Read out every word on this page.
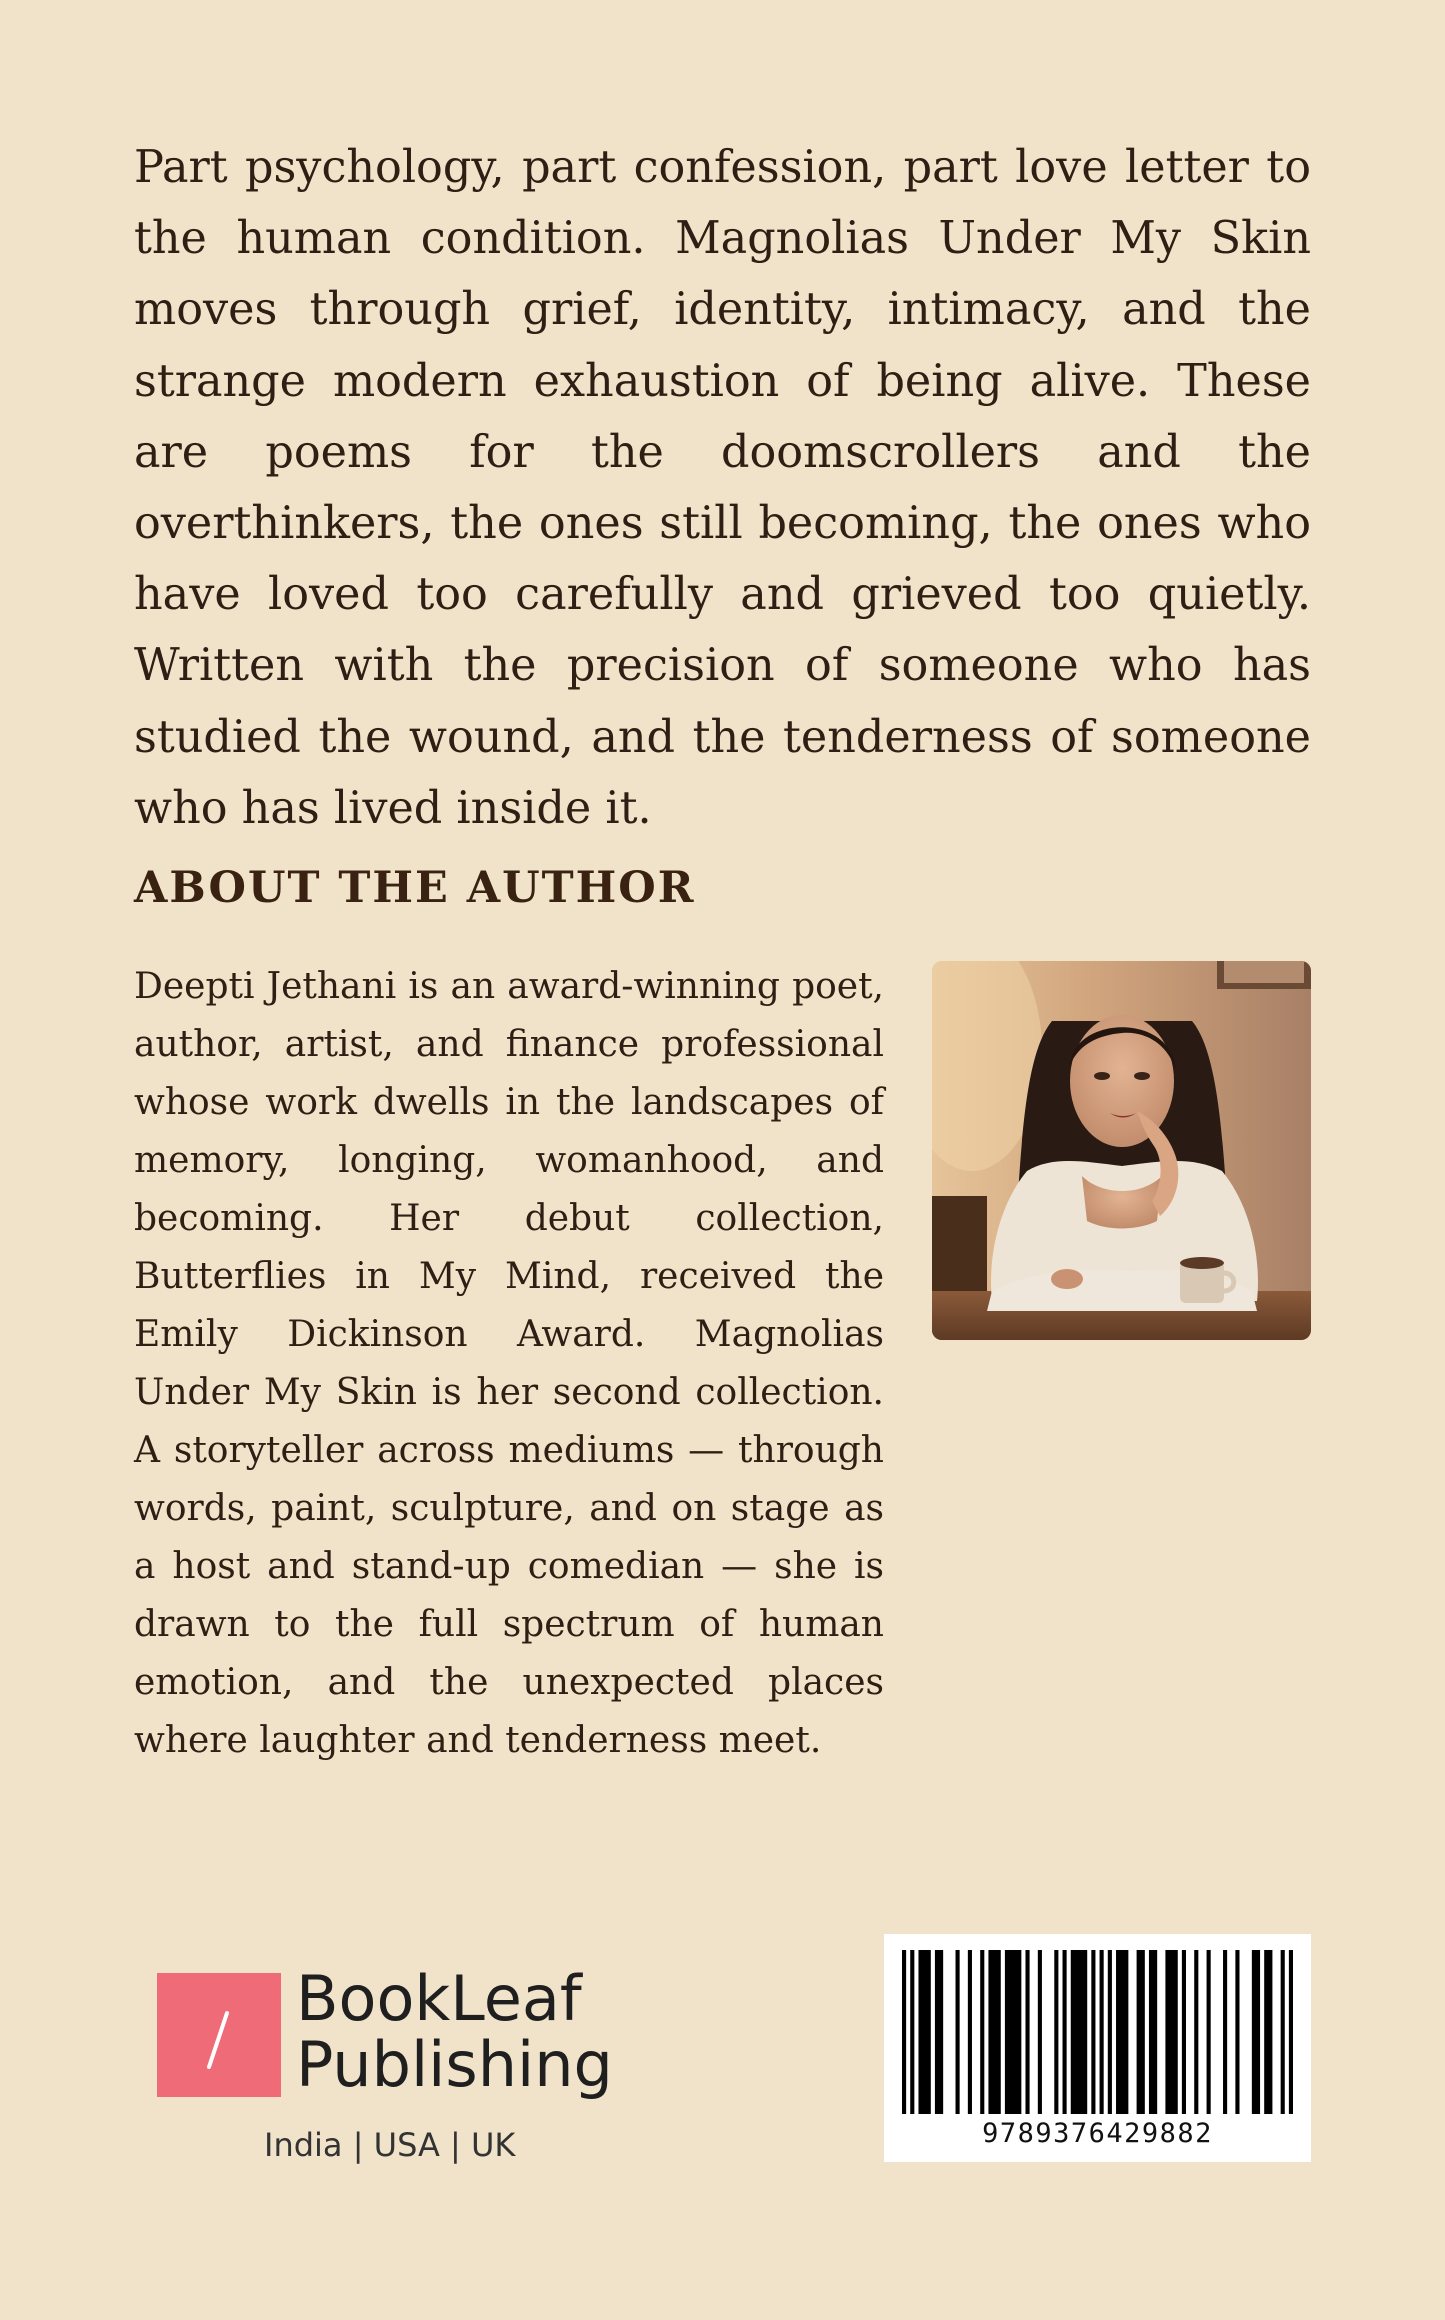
Part psychology, part confession, part love letter to the human condition. Magnolias Under My Skin moves through grief, identity, intimacy, and the strange modern exhaustion of being alive. These are poems for the doomscrollers and the overthinkers, the ones still becoming, the ones who have loved too carefully and grieved too quietly. Written with the precision of someone who has studied the wound, and the tenderness of someone who has lived inside it.

ABOUT THE AUTHOR

Deepti Jethani is an award-winning poet, author, artist, and finance professional whose work dwells in the landscapes of memory, longing, womanhood, and becoming. Her debut collection, Butterflies in My Mind, received the Emily Dickinson Award. Magnolias Under My Skin is her second collection. A storyteller across mediums — through words, paint, sculpture, and on stage as a host and stand-up comedian — she is drawn to the full spectrum of human emotion, and the unexpected places where laughter and tenderness meet.

BookLeaf
Publishing
India | USA | UK	9789376429882
